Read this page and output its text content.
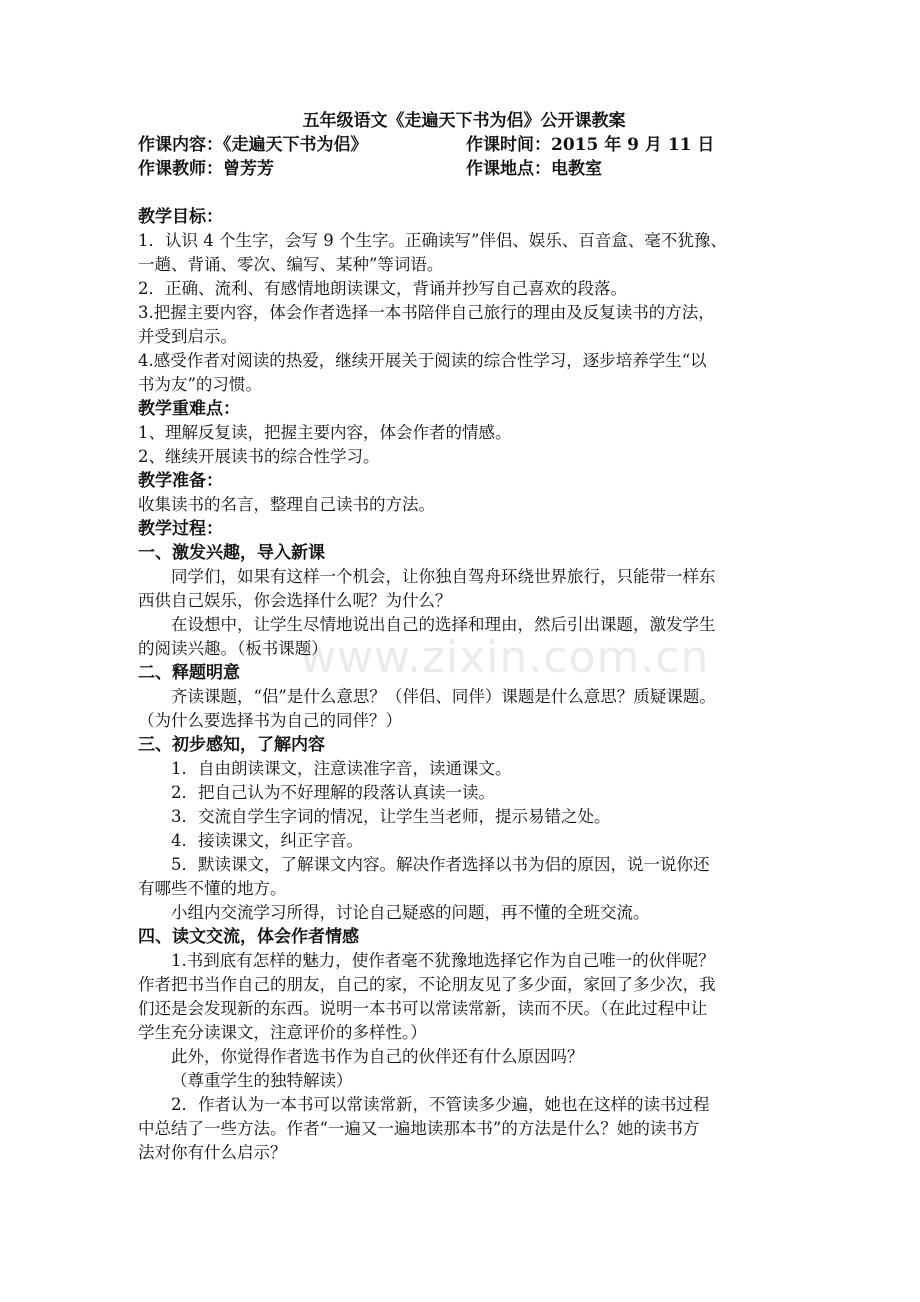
www.zixin.com.cn

五年级语文《走遍天下书为侣》公开课教案

作课内容：《走遍天下书为侣》	作课时间：2015 年 9 月 11 日
作课教师：曾芳芳	作课地点：电教室

教学目标：

1．认识 4 个生字，会写 9 个生字。正确读写”伴侣、娱乐、百音盒、毫不犹豫、

一趟、背诵、零次、编写、某种”等词语。

2．正确、流利、有感情地朗读课文，背诵并抄写自己喜欢的段落。

3.把握主要内容，体会作者选择一本书陪伴自己旅行的理由及反复读书的方法，

并受到启示。

4.感受作者对阅读的热爱，继续开展关于阅读的综合性学习，逐步培养学生“以

书为友”的习惯。

教学重难点：

1、理解反复读，把握主要内容，体会作者的情感。

2、继续开展读书的综合性学习。

教学准备：

收集读书的名言，整理自己读书的方法。

教学过程：

一、激发兴趣，导入新课

同学们，如果有这样一个机会，让你独自驾舟环绕世界旅行，只能带一样东

西供自己娱乐，你会选择什么呢？为什么？

在设想中，让学生尽情地说出自己的选择和理由，然后引出课题，激发学生

的阅读兴趣。（板书课题）

二、释题明意

齐读课题，“侣”是什么意思？（伴侣、同伴）课题是什么意思？质疑课题。

（为什么要选择书为自己的同伴？）

三、初步感知，了解内容

1．自由朗读课文，注意读准字音，读通课文。

2．把自己认为不好理解的段落认真读一读。

3．交流自学生字词的情况，让学生当老师，提示易错之处。

4．接读课文，纠正字音。

5．默读课文，了解课文内容。解决作者选择以书为侣的原因，说一说你还

有哪些不懂的地方。

小组内交流学习所得，讨论自己疑惑的问题，再不懂的全班交流。

四、读文交流，体会作者情感

1.书到底有怎样的魅力，使作者毫不犹豫地选择它作为自己唯一的伙伴呢？

作者把书当作自己的朋友，自己的家，不论朋友见了多少面，家回了多少次，我

们还是会发现新的东西。说明一本书可以常读常新，读而不厌。（在此过程中让

学生充分读课文，注意评价的多样性。）

此外，你觉得作者选书作为自己的伙伴还有什么原因吗？

（尊重学生的独特解读）

2．作者认为一本书可以常读常新，不管读多少遍，她也在这样的读书过程

中总结了一些方法。作者“一遍又一遍地读那本书”的方法是什么？她的读书方

法对你有什么启示？
